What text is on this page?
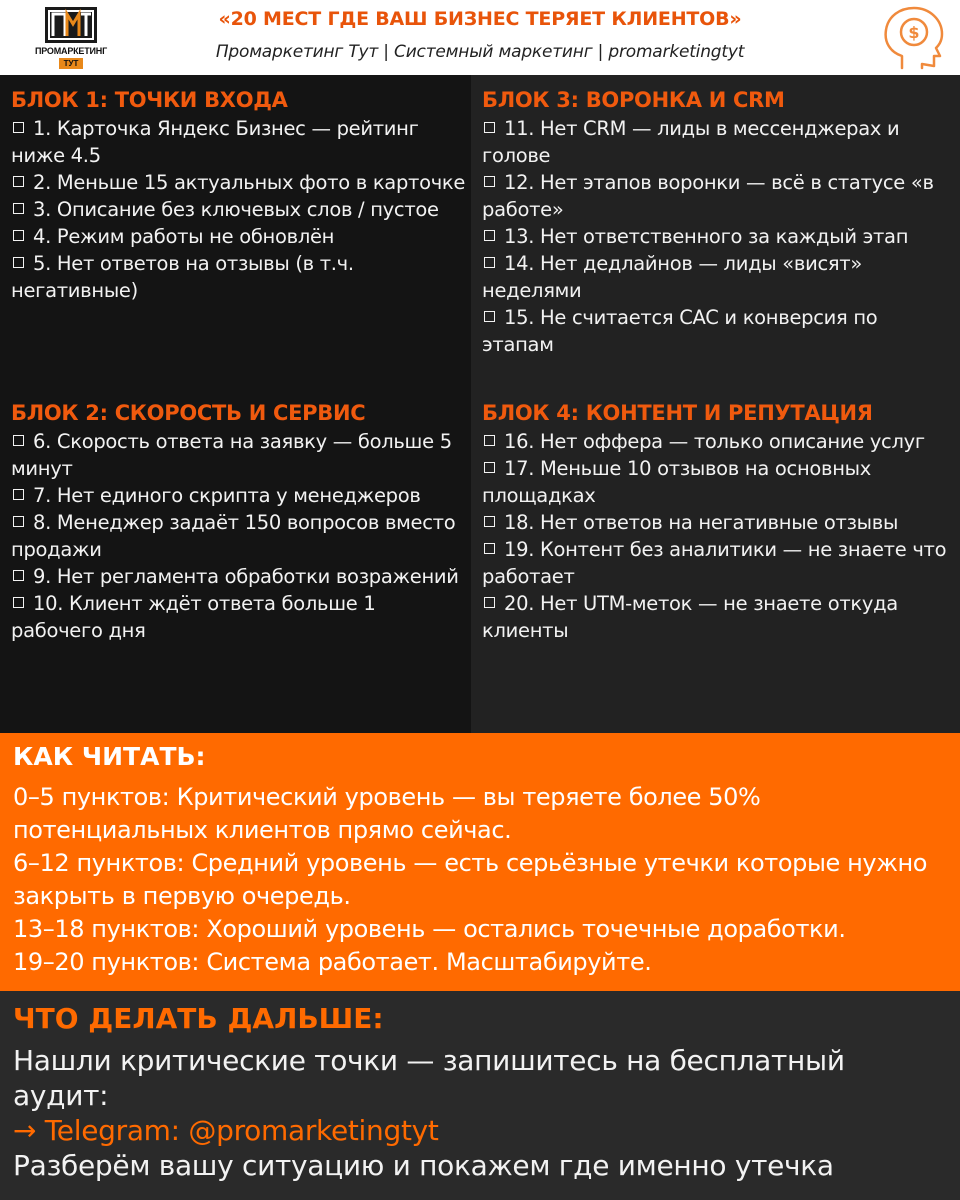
ПРОМАРКЕТИНГ
ТУТ
«20 МЕСТ ГДЕ ВАШ БИЗНЕС ТЕРЯЕТ КЛИЕНТОВ»
Промаркетинг Тут | Системный маркетинг | promarketingtyt
$
БЛОК 1: ТОЧКИ ВХОДА
1. Карточка Яндекс Бизнес — рейтинг ниже 4.5
2. Меньше 15 актуальных фото в карточке
3. Описание без ключевых слов / пустое
4. Режим работы не обновлён
5. Нет ответов на отзывы (в т.ч. негативные)
БЛОК 2: СКОРОСТЬ И СЕРВИС
6. Скорость ответа на заявку — больше 5 минут
7. Нет единого скрипта у менеджеров
8. Менеджер задаёт 150 вопросов вместо продажи
9. Нет регламента обработки возражений
10. Клиент ждёт ответа больше 1 рабочего дня
БЛОК 3: ВОРОНКА И CRM
11. Нет CRM — лиды в мессенджерах и голове
12. Нет этапов воронки — всё в статусе «в работе»
13. Нет ответственного за каждый этап
14. Нет дедлайнов — лиды «висят» неделями
15. Не считается CAC и конверсия по этапам
БЛОК 4: КОНТЕНТ И РЕПУТАЦИЯ
16. Нет оффера — только описание услуг
17. Меньше 10 отзывов на основных площадках
18. Нет ответов на негативные отзывы
19. Контент без аналитики — не знаете что работает
20. Нет UTM-меток — не знаете откуда клиенты
КАК ЧИТАТЬ:
0–5 пунктов: Критический уровень — вы теряете более 50% потенциальных клиентов прямо сейчас.
6–12 пунктов: Средний уровень — есть серьёзные утечки которые нужно закрыть в первую очередь.
13–18 пунктов: Хороший уровень — остались точечные доработки.
19–20 пунктов: Система работает. Масштабируйте.
ЧТО ДЕЛАТЬ ДАЛЬШЕ:
Нашли критические точки — запишитесь на бесплатный аудит:
→ Telegram: @promarketingtyt
Разберём вашу ситуацию и покажем где именно утечка
